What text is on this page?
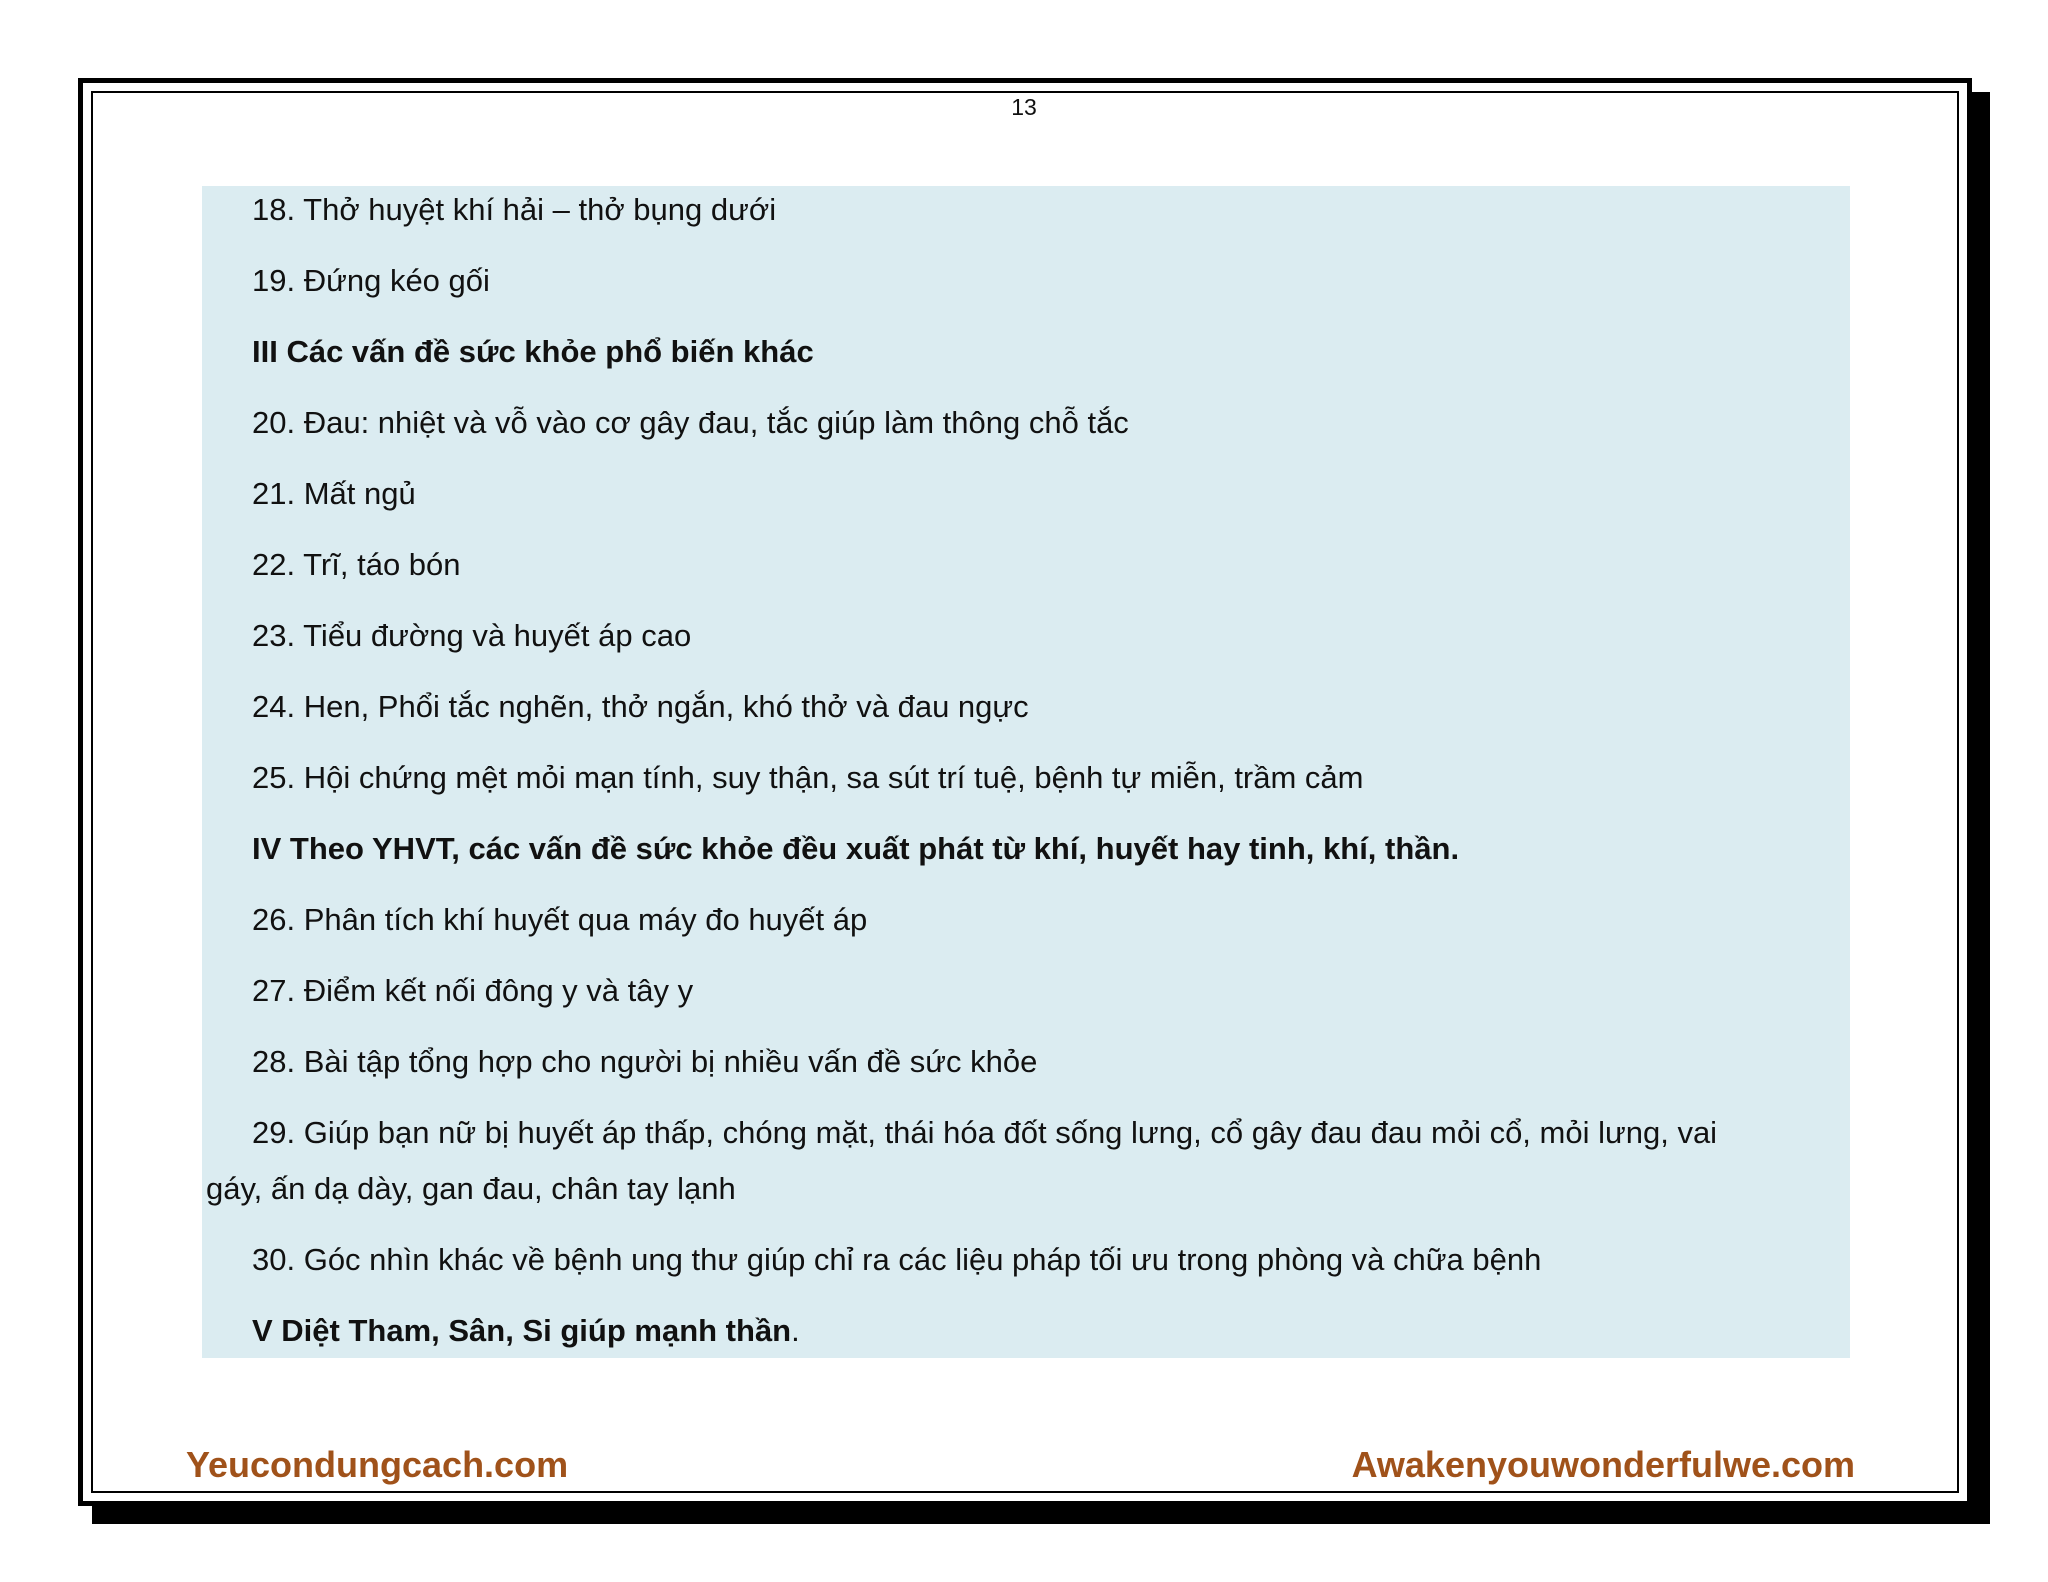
13
18. Thở huyệt khí hải – thở bụng dưới
19. Đứng kéo gối
III Các vấn đề sức khỏe phổ biến khác
20. Đau: nhiệt và vỗ vào cơ gây đau, tắc giúp làm thông chỗ tắc
21. Mất ngủ
22. Trĩ, táo bón
23. Tiểu đường và huyết áp cao
24. Hen, Phổi tắc nghẽn, thở ngắn, khó thở và đau ngực
25. Hội chứng mệt mỏi mạn tính, suy thận, sa sút trí tuệ, bệnh tự miễn, trầm cảm
IV Theo YHVT, các vấn đề sức khỏe đều xuất phát từ khí, huyết hay tinh, khí, thần.
26. Phân tích khí huyết qua máy đo huyết áp
27. Điểm kết nối đông y và tây y
28. Bài tập tổng hợp cho người bị nhiều vấn đề sức khỏe
29. Giúp bạn nữ bị huyết áp thấp, chóng mặt, thái hóa đốt sống lưng, cổ gây đau đau mỏi cổ, mỏi lưng, vai
gáy, ấn dạ dày, gan đau, chân tay lạnh
30. Góc nhìn khác về bệnh ung thư giúp chỉ ra các liệu pháp tối ưu trong phòng và chữa bệnh
V Diệt Tham, Sân, Si giúp mạnh thần.
Yeucondungcach.com	Awakenyouwonderfulwe.com
